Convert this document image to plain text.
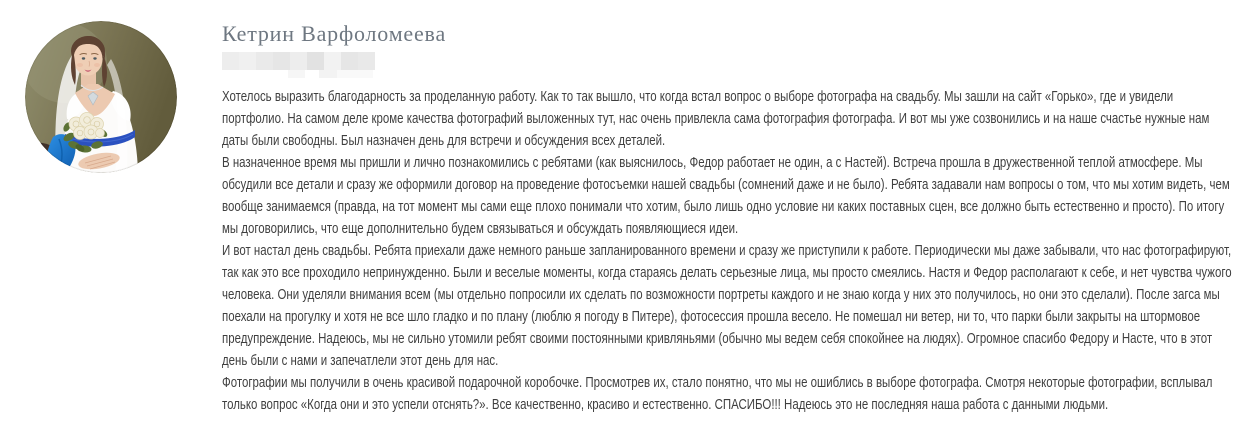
Кетрин Варфоломеева

Хотелось выразить благодарность за проделанную работу. Как то так вышло, что когда встал вопрос о выборе фотографа на свадьбу. Мы зашли на сайт «Горько», где и увидели портфолио. На самом деле кроме качества фотографий выложенных тут, нас очень привлекла сама фотография фотографа. И вот мы уже созвонились и на наше счастье нужные нам даты были свободны. Был назначен день для встречи и обсуждения всех деталей.

В назначенное время мы пришли и лично познакомились с ребятами (как выяснилось, Федор работает не один, а с Настей). Встреча прошла в дружественной теплой атмосфере. Мы обсудили все детали и сразу же оформили договор на проведение фотосъемки нашей свадьбы (сомнений даже и не было). Ребята задавали нам вопросы о том, что мы хотим видеть, чем вообще занимаемся (правда, на тот момент мы сами еще плохо понимали что хотим, было лишь одно условие ни каких поставных сцен, все должно быть естественно и просто). По итогу мы договорились, что еще дополнительно будем связываться и обсуждать появляющиеся идеи.

И вот настал день свадьбы. Ребята приехали даже немного раньше запланированного времени и сразу же приступили к работе. Периодически мы даже забывали, что нас фотографируют, так как это все проходило непринужденно. Были и веселые моменты, когда стараясь делать серьезные лица, мы просто смеялись. Настя и Федор располагают к себе, и нет чувства чужого человека. Они уделяли внимания всем (мы отдельно попросили их сделать по возможности портреты каждого и не знаю когда у них это получилось, но они это сделали). После загса мы поехали на прогулку и хотя не все шло гладко и по плану (люблю я погоду в Питере), фотосессия прошла весело. Не помешал ни ветер, ни то, что парки были закрыты на штормовое предупреждение. Надеюсь, мы не сильно утомили ребят своими постоянными кривляньями (обычно мы ведем себя спокойнее на людях). Огромное спасибо Федору и Насте, что в этот день были с нами и запечатлели этот день для нас.

Фотографии мы получили в очень красивой подарочной коробочке. Просмотрев их, стало понятно, что мы не ошиблись в выборе фотографа. Смотря некоторые фотографии, всплывал только вопрос «Когда они и это успели отснять?». Все качественно, красиво и естественно. СПАСИБО!!! Надеюсь это не последняя наша работа с данными людьми.
